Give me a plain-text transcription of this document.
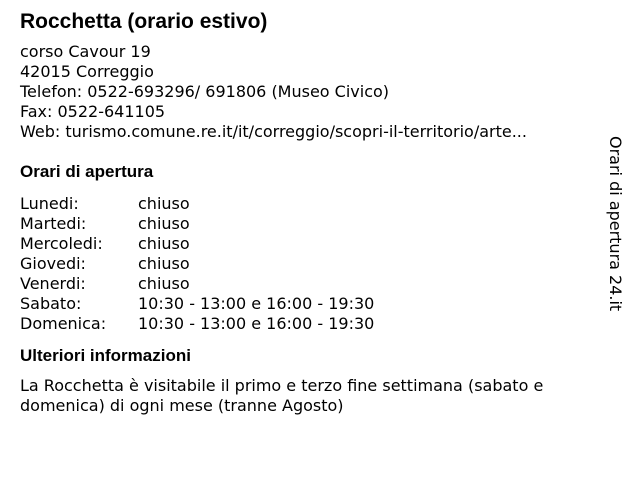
Rocchetta (orario estivo)
corso Cavour 19
42015 Correggio
Telefon: 0522-693296/ 691806 (Museo Civico)
Fax: 0522-641105
Web: turismo.comune.re.it/it/correggio/scopri-il-territorio/arte...
Orari di apertura
Lunedi:	chiuso
Martedi:	chiuso
Mercoledi: chiuso
Giovedi:	chiuso
Venerdi:	chiuso
Sabato:	10:30 - 13:00 e 16:00 - 19:30
Domenica: 10:30 - 13:00 e 16:00 - 19:30
Ulteriori informazioni
La Rocchetta è visitabile il primo e terzo fine settimana (sabato e domenica) di ogni mese (tranne Agosto)
Orari di apertura 24.it
